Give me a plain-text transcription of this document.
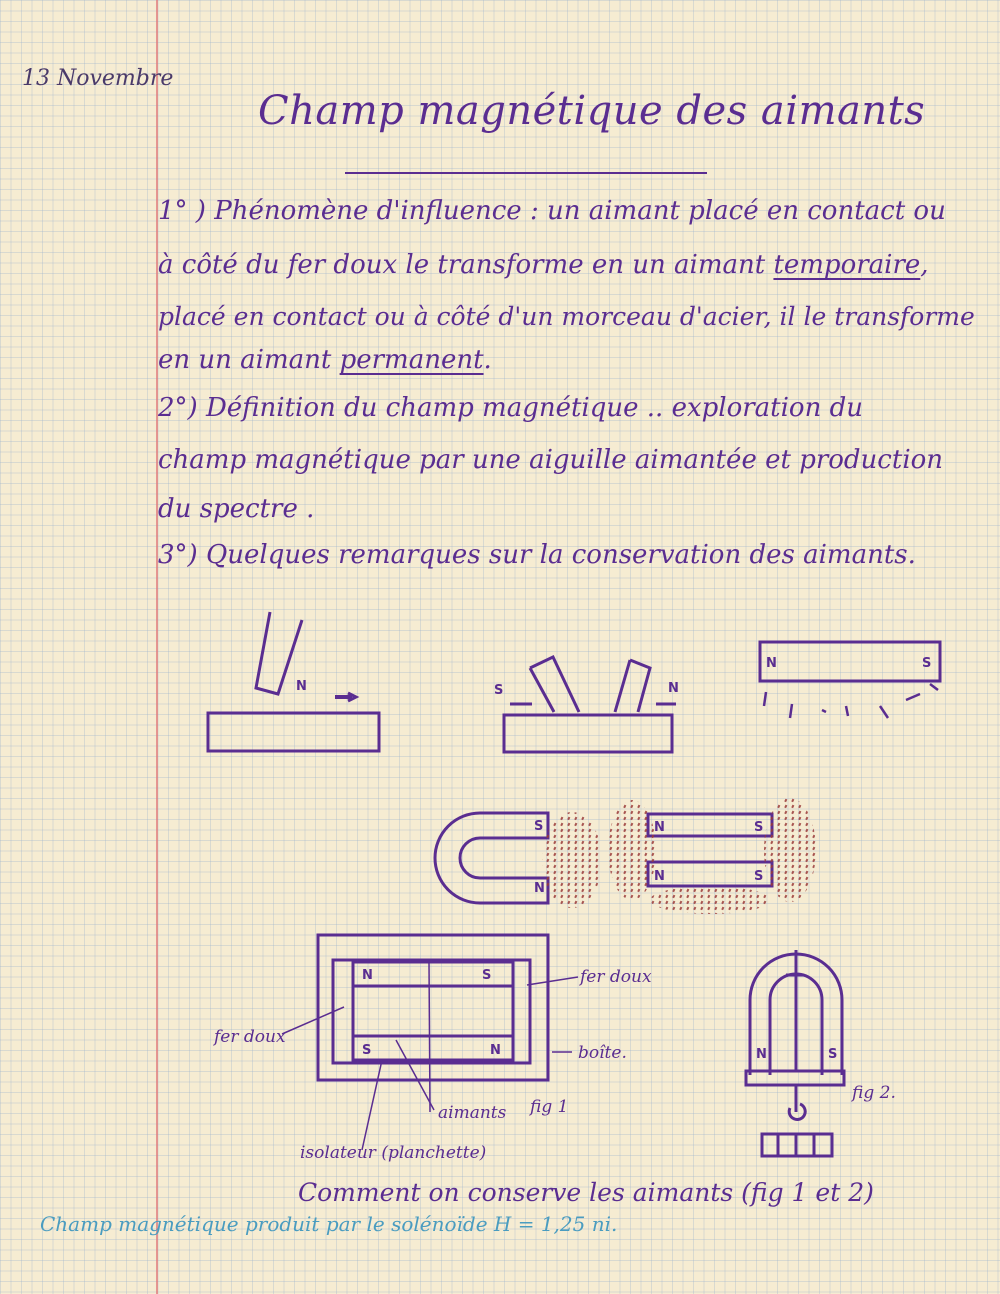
13 Novembre
Champ magnétique des aimants
1° ) Phénomène d'influence : un aimant placé en contact ou
à côté du fer doux le transforme en un aimant temporaire,
placé en contact ou à côté d'un morceau d'acier, il le transforme
en un aimant permanent.
2°) Définition du champ magnétique .. exploration du
champ magnétique par une aiguille aimantée et production
du spectre .
3°) Quelques remarques sur la conservation des aimants.
N	S	N
N	S
S
N
N	S
N	S
N	S
S	N	N	S
fer doux
fer doux
boîte.
aimants
isolateur (planchette)
fig 1
fig 2.
Comment on conserve les aimants (fig 1 et 2)
Champ magnétique produit par le solénoïde H = 1,25 ni.
